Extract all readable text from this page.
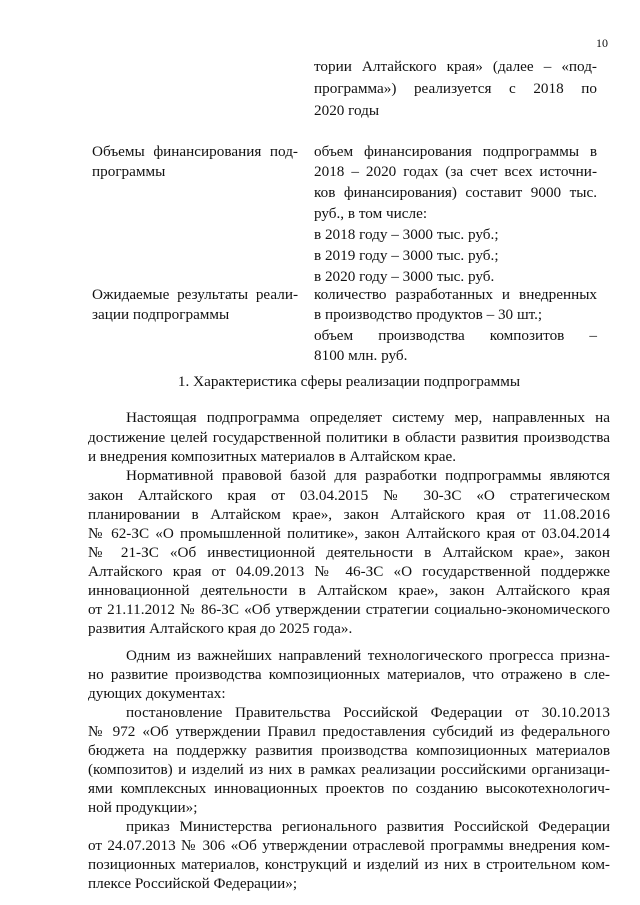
10
тории Алтайского края» (далее – «под-
программа») реализуется с 2018 по
2020 годы
Объемы финансирования под-
программы
объем финансирования подпрограммы в
2018 – 2020 годах (за счет всех источни-
ков финансирования) составит 9000 тыс.
руб., в том числе:
в 2018 году – 3000 тыс. руб.;
в 2019 году – 3000 тыс. руб.;
в 2020 году – 3000 тыс. руб.
Ожидаемые результаты реали-
зации подпрограммы
количество разработанных и внедренных
в производство продуктов – 30 шт.;
объем производства композитов –
8100 млн. руб.
1. Характеристика сферы реализации подпрограммы
Настоящая подпрограмма определяет систему мер, направленных на
достижение целей государственной политики в области развития производства
и внедрения композитных материалов в Алтайском крае.
Нормативной правовой базой для разработки подпрограммы являются
закон Алтайского края от 03.04.2015 № 30-ЗС «О стратегическом
планировании в Алтайском крае», закон Алтайского края от 11.08.2016
№ 62-ЗС «О промышленной политике», закон Алтайского края от 03.04.2014
№ 21-ЗС «Об инвестиционной деятельности в Алтайском крае», закон
Алтайского края от 04.09.2013 № 46-ЗС «О государственной поддержке
инновационной деятельности в Алтайском крае», закон Алтайского края
от 21.11.2012 № 86-ЗС «Об утверждении стратегии социально-экономического
развития Алтайского края до 2025 года».
Одним из важнейших направлений технологического прогресса призна-
но развитие производства композиционных материалов, что отражено в сле-
дующих документах:
постановление Правительства Российской Федерации от 30.10.2013
№ 972 «Об утверждении Правил предоставления субсидий из федерального
бюджета на поддержку развития производства композиционных материалов
(композитов) и изделий из них в рамках реализации российскими организаци-
ями комплексных инновационных проектов по созданию высокотехнологич-
ной продукции»;
приказ Министерства регионального развития Российской Федерации
от 24.07.2013 № 306 «Об утверждении отраслевой программы внедрения ком-
позиционных материалов, конструкций и изделий из них в строительном ком-
плексе Российской Федерации»;
